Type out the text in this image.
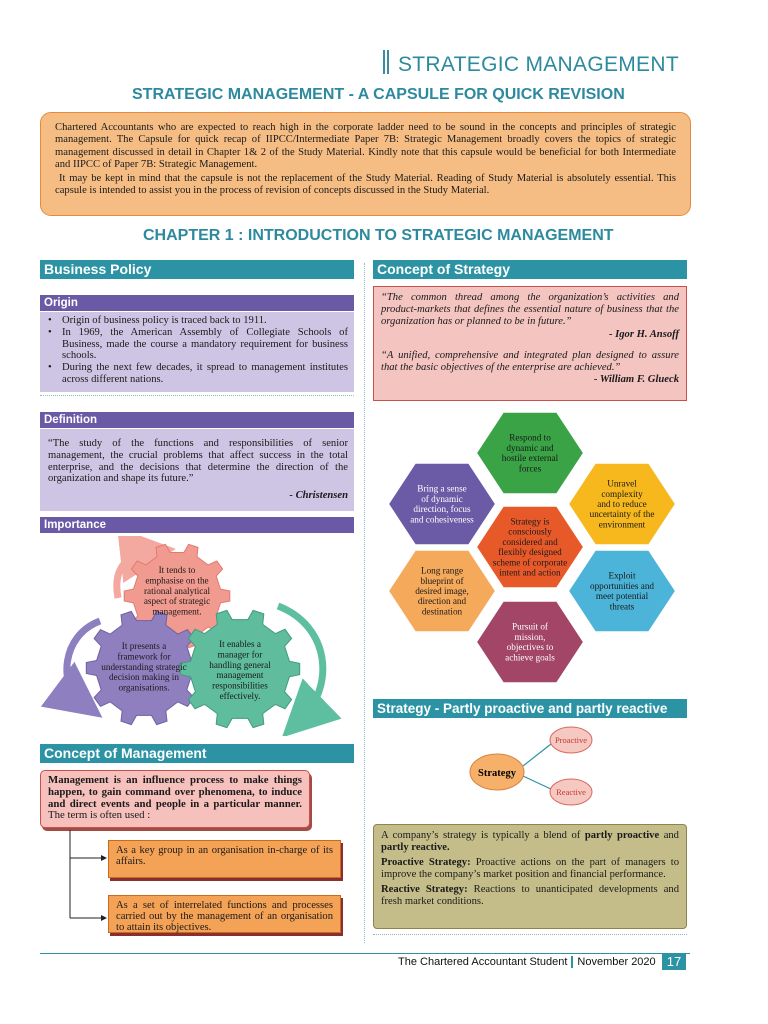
STRATEGIC MANAGEMENT
STRATEGIC MANAGEMENT - A CAPSULE FOR QUICK REVISION

Chartered Accountants who are expected to reach high in the corporate ladder need to be sound in the concepts and principles of strategic management. The Capsule for quick recap of IIPCC/Intermediate Paper 7B: Strategic Management broadly covers the topics of strategic management discussed in detail in Chapter 1& 2 of the Study Material. Kindly note that this capsule would be beneficial for both Intermediate and IIPCC of Paper 7B: Strategic Management.

It may be kept in mind that the capsule is not the replacement of the Study Material. Reading of Study Material is absolutely essential. This capsule is intended to assist you in the process of revision of concepts discussed in the Study Material.

CHAPTER 1 : INTRODUCTION TO STRATEGIC MANAGEMENT
Business Policy
Origin
• Origin of business policy is traced back to 1911.
• In 1969, the American Assembly of Collegiate Schools of Business, made the course a mandatory requirement for business schools.
• During the next few decades, it spread to management institutes across different nations.
Definition
“The study of the functions and responsibilities of senior management, the crucial problems that affect success in the total enterprise, and the decisions that determine the direction of the organization and shape its future.”
- Christensen
Importance
It tends to emphasise on the rational analytical aspect of strategic management.
It presents a framework for understanding strategic decision making in organisations.
It enables a manager for handling general management responsibilities effectively.
Concept of Management
Management is an influence process to make things happen, to gain command over phenomena, to induce and direct events and people in a particular manner. The term is often used :
As a key group in an organisation in-charge of its affairs.
As a set of interrelated functions and processes carried out by the management of an organisation to attain its objectives.
Concept of Strategy
“The common thread among the organization’s activities and product-markets that defines the essential nature of business that the organization has or planned to be in future.”
- Igor H. Ansoff
“A unified, comprehensive and integrated plan designed to assure that the basic objectives of the enterprise are achieved.”
- William F. Glueck
Respond to dynamic and hostile external forces
Unravel complexity and to reduce uncertainty of the environment
Exploit opportunities and meet potential threats
Pursuit of mission, objectives to achieve goals
Long range blueprint of desired image, direction and destination
Bring a sense of dynamic direction, focus and cohesiveness	Strategy is consciously considered and flexibly designed scheme of corporate intent and action
Strategy - Partly proactive and partly reactive
Strategy
Proactive
Reactive

A company’s strategy is typically a blend of partly proactive and partly reactive.

Proactive Strategy: Proactive actions on the part of managers to improve the company’s market position and financial performance.

Reactive Strategy: Reactions to unanticipated developments and fresh market conditions.

The Chartered Accountant Student November 2020 17
